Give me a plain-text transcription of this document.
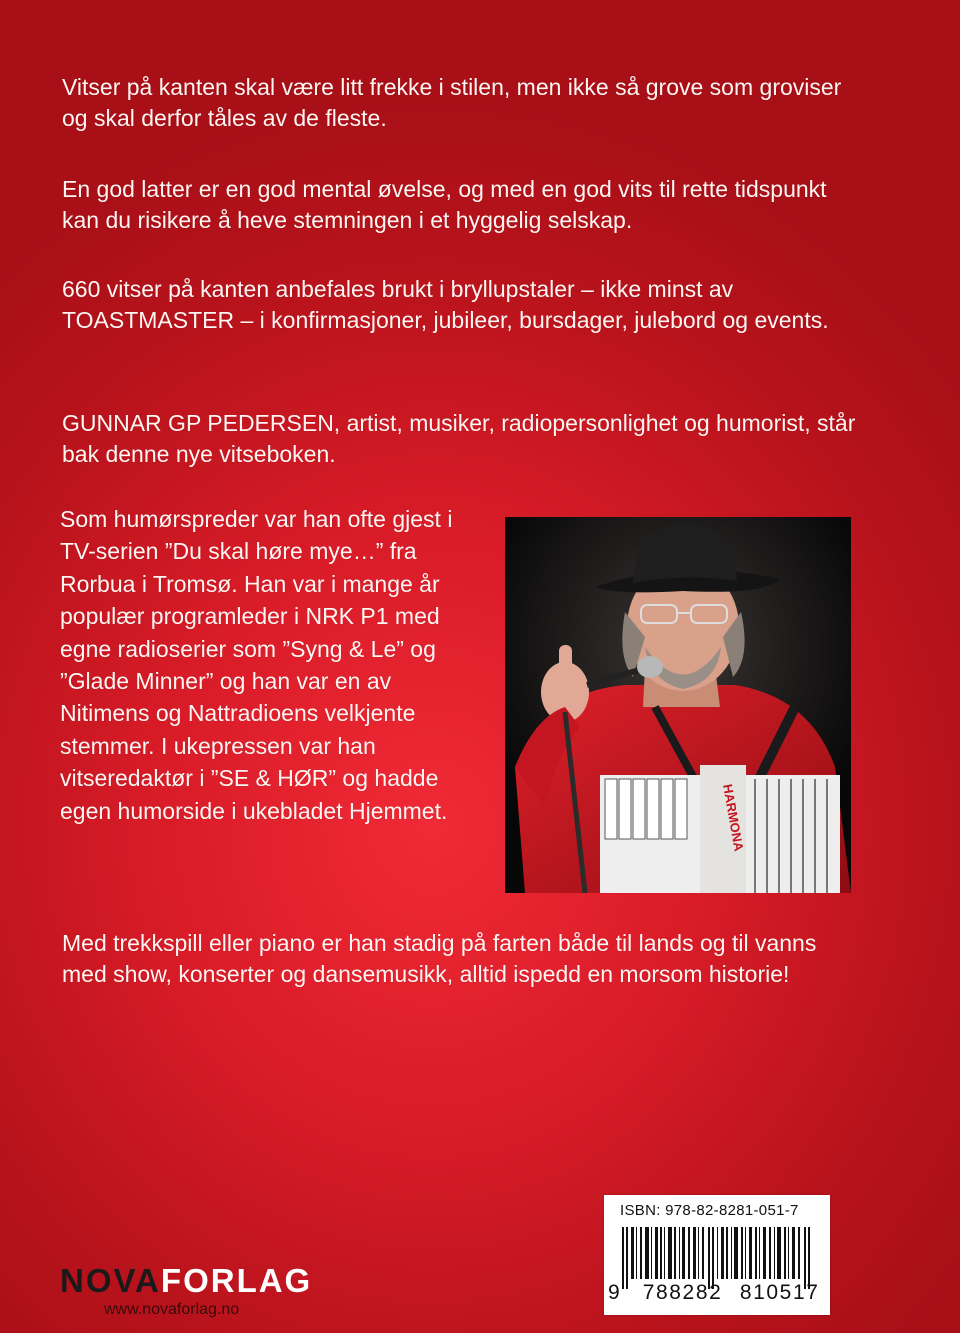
Vitser på kanten skal være litt frekke i stilen, men ikke så grove som groviser og skal derfor tåles av de fleste.

En god latter er en god mental øvelse, og med en god vits til rette tidspunkt kan du risikere å heve stemningen i et hyggelig selskap.

660 vitser på kanten anbefales brukt i bryllupstaler – ikke minst av TOASTMASTER – i konfirmasjoner, jubileer, bursdager, julebord og events.

GUNNAR GP PEDERSEN, artist, musiker, radiopersonlighet og humorist, står bak denne nye vitseboken.

Som humørspreder var han ofte gjest i TV-serien ”Du skal høre mye…” fra Rorbua i Tromsø. Han var i mange år populær programleder i NRK P1 med egne radioserier som ”Syng & Le” og ”Glade Minner” og han var en av Nitimens og Nattradioens velkjente stemmer. I ukepressen var han vitseredaktør i ”SE & HØR” og hadde egen humorside i ukebladet Hjemmet.	HARMONA

Med trekkspill eller piano er han stadig på farten både til lands og til vanns med show, konserter og dansemusikk, alltid ispedd en morsom historie!

ISBN: 978-82-8281-051-7
9 788282 810517
NOVAFORLAG
www.novaforlag.no
